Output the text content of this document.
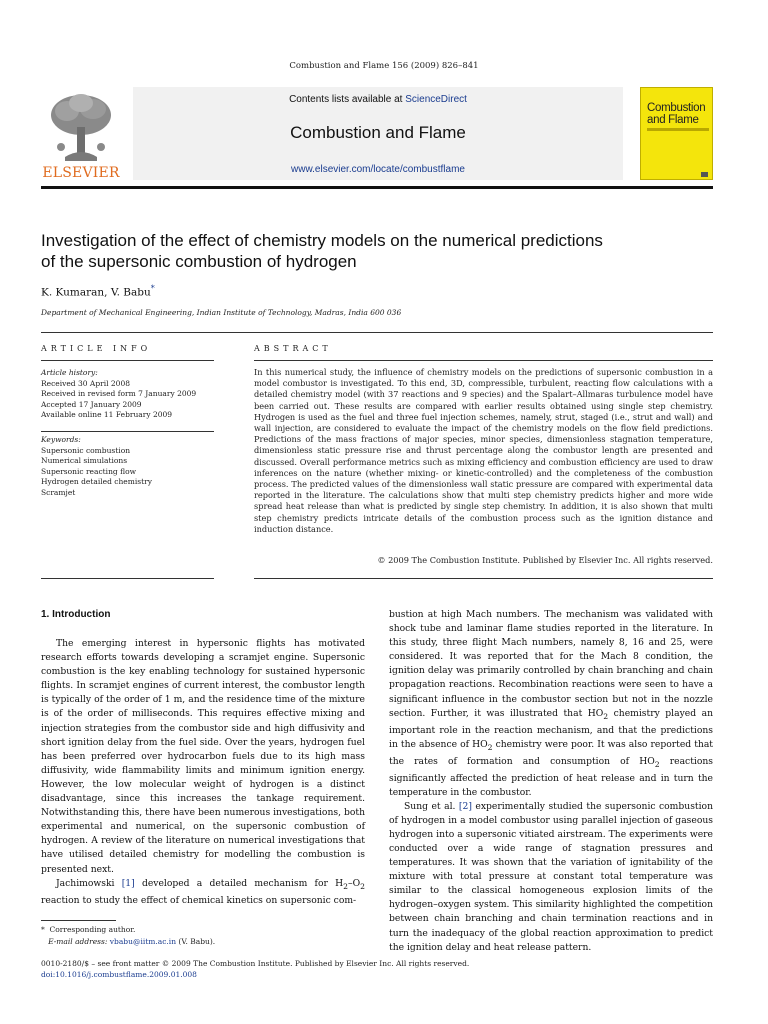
Combustion and Flame 156 (2009) 826–841
ELSEVIER
Contents lists available at ScienceDirect
Combustion and Flame
www.elsevier.com/locate/combustflame
Combustion
and Flame
Investigation of the effect of chemistry models on the numerical predictions
of the supersonic combustion of hydrogen
K. Kumaran, V. Babu*
Department of Mechanical Engineering, Indian Institute of Technology, Madras, India 600 036
ARTICLE INFO	ABSTRACT
Article history:
Received 30 April 2008
Received in revised form 7 January 2009
Accepted 17 January 2009
Available online 11 February 2009
Keywords:
Supersonic combustion
Numerical simulations
Supersonic reacting flow
Hydrogen detailed chemistry
Scramjet
In this numerical study, the influence of chemistry models on the predictions of supersonic combustion in a model combustor is investigated. To this end, 3D, compressible, turbulent, reacting flow calculations with a detailed chemistry model (with 37 reactions and 9 species) and the Spalart–Allmaras turbulence model have been carried out. These results are compared with earlier results obtained using single step chemistry. Hydrogen is used as the fuel and three fuel injection schemes, namely, strut, staged (i.e., strut and wall) and wall injection, are considered to evaluate the impact of the chemistry models on the flow field predictions. Predictions of the mass fractions of major species, minor species, dimensionless stagnation temperature, dimensionless static pressure rise and thrust percentage along the combustor length are presented and discussed. Overall performance metrics such as mixing efficiency and combustion efficiency are used to draw inferences on the nature (whether mixing- or kinetic-controlled) and the completeness of the combustion process. The predicted values of the dimensionless wall static pressure are compared with experimental data reported in the literature. The calculations show that multi step chemistry predicts higher and more wide spread heat release than what is predicted by single step chemistry. In addition, it is also shown that multi step chemistry predicts intricate details of the combustion process such as the ignition distance and induction distance.
© 2009 The Combustion Institute. Published by Elsevier Inc. All rights reserved.
1. Introduction

The emerging interest in hypersonic flights has motivated research efforts towards developing a scramjet engine. Supersonic combustion is the key enabling technology for sustained hypersonic flights. In scramjet engines of current interest, the combustor length is typically of the order of 1 m, and the residence time of the mixture is of the order of milliseconds. This requires effective mixing and injection strategies from the combustor side and high diffusivity and short ignition delay from the fuel side. Over the years, hydrogen fuel has been preferred over hydrocarbon fuels due to its high mass diffusivity, wide flammability limits and minimum ignition energy. However, the low molecular weight of hydrogen is a distinct disadvantage, since this increases the tankage requirement. Notwithstanding this, there have been numerous investigations, both experimental and numerical, on the supersonic combustion of hydrogen. A review of the literature on numerical investigations that have utilised detailed chemistry for modelling the combustion is presented next.

Jachimowski [1] developed a detailed mechanism for $H_2-O_2$ reaction to study the effect of chemical kinetics on supersonic com-

bustion at high Mach numbers. The mechanism was validated with shock tube and laminar flame studies reported in the literature. In this study, three flight Mach numbers, namely 8, 16 and 25, were considered. It was reported that for the Mach 8 condition, the ignition delay was primarily controlled by chain branching and chain propagation reactions. Recombination reactions were seen to have a significant influence in the combustor section but not in the nozzle section. Further, it was illustrated that $HO_2$ chemistry played an important role in the reaction mechanism, and that the predictions in the absence of $HO_2$ chemistry were poor. It was also reported that the rates of formation and consumption of $HO_2$ reactions significantly affected the prediction of heat release and in turn the temperature in the combustor.

Sung et al. [2] experimentally studied the supersonic combustion of hydrogen in a model combustor using parallel injection of gaseous hydrogen into a supersonic vitiated airstream. The experiments were conducted over a wide range of stagnation pressures and temperatures. It was shown that the variation of ignitability of the mixture with total pressure at constant total temperature was similar to the classical homogeneous explosion limits of the hydrogen–oxygen system. This similarity highlighted the competition between chain branching and chain termination reactions and in turn the inadequacy of the global reaction approximation to predict the ignition delay and heat release pattern.

* Corresponding author.
E-mail address: vbabu@iitm.ac.in (V. Babu).
0010-2180/$ – see front matter © 2009 The Combustion Institute. Published by Elsevier Inc. All rights reserved.
doi:10.1016/j.combustflame.2009.01.008
